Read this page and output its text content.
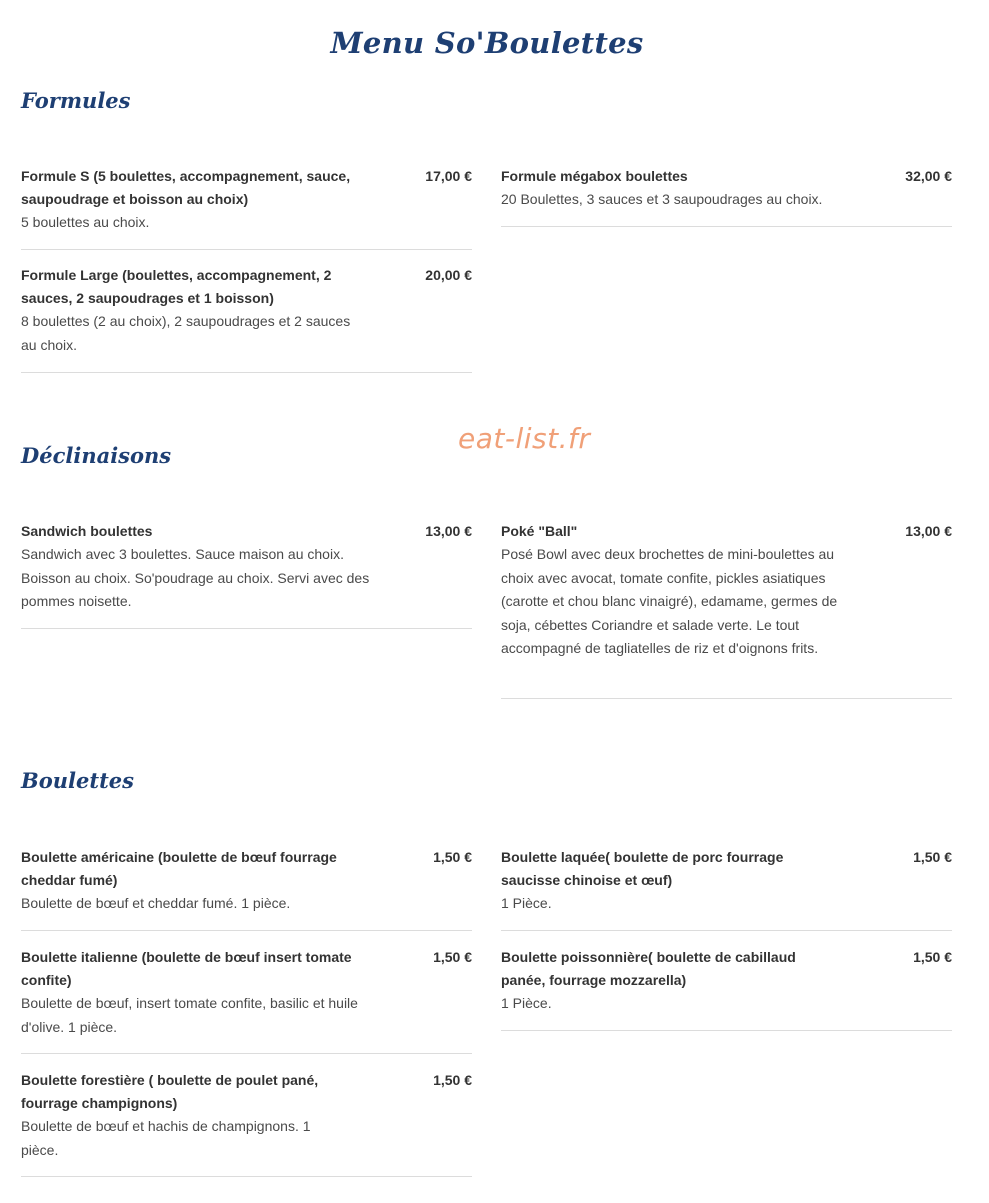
Menu So'Boulettes
eat-list.fr
Formules
Formule S (5 boulettes, accompagnement, sauce, saupoudrage et boisson au choix)
17,00 €
5 boulettes au choix.
Formule mégabox boulettes	32,00 €
20 Boulettes, 3 sauces et 3 saupoudrages au choix.
Formule Large (boulettes, accompagnement, 2 sauces, 2 saupoudrages et 1 boisson)
20,00 €
8 boulettes (2 au choix), 2 saupoudrages et 2 sauces au choix.
Déclinaisons
Sandwich boulettes	13,00 €
Sandwich avec 3 boulettes. Sauce maison au choix. Boisson au choix. So'poudrage au choix. Servi avec des pommes noisette.
Poké "Ball"	13,00 €
Posé Bowl avec deux brochettes de mini-boulettes au choix avec avocat, tomate confite, pickles asiatiques (carotte et chou blanc vinaigré), edamame, germes de soja, cébettes Coriandre et salade verte. Le tout accompagné de tagliatelles de riz et d'oignons frits.
Boulettes
Boulette américaine (boulette de bœuf fourrage cheddar fumé)
1,50 €
Boulette de bœuf et cheddar fumé. 1 pièce.
Boulette laquée( boulette de porc fourrage saucisse chinoise et œuf)
1,50 €
1 Pièce.
Boulette italienne (boulette de bœuf insert tomate confite)
1,50 €
Boulette de bœuf, insert tomate confite, basilic et huile d'olive. 1 pièce.
Boulette poissonnière( boulette de cabillaud panée, fourrage mozzarella)
1,50 €
1 Pièce.
Boulette forestière ( boulette de poulet pané, fourrage champignons)
1,50 €
Boulette de bœuf et hachis de champignons. 1 pièce.
